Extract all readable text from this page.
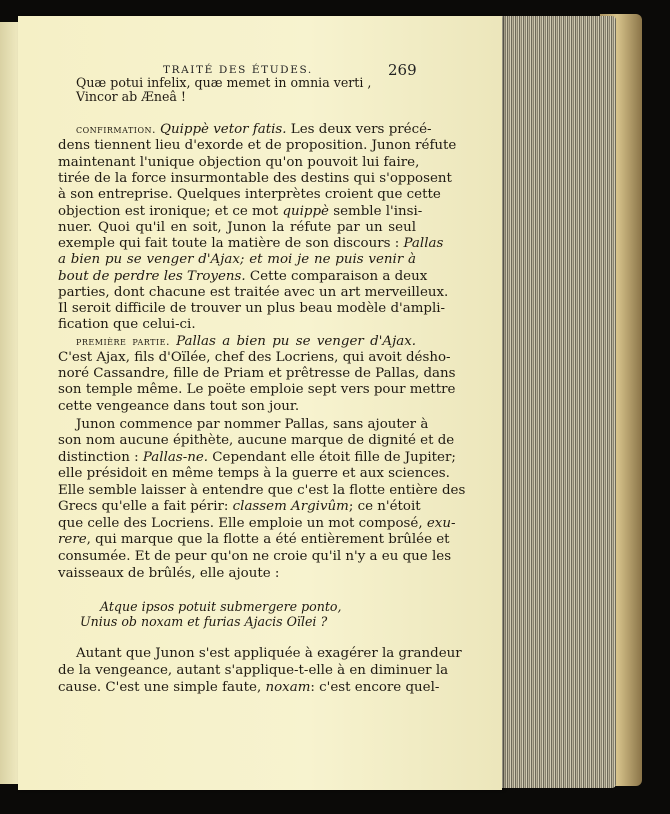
TRAITÉ DES ÉTUDES.	269
Quæ potui infelix, quæ memet in omnia verti ,
Vincor ab Æneâ !
confirmation. Quippè vetor fatis. Les deux vers précé-
dens tiennent lieu d'exorde et de proposition. Junon réfute
maintenant l'unique objection qu'on pouvoit lui faire,
tirée de la force insurmontable des destins qui s'opposent
à son entreprise. Quelques interprètes croient que cette
objection est ironique; et ce mot quippè semble l'insi-
nuer. Quoi qu'il en soit, Junon la réfute par un seul
exemple qui fait toute la matière de son discours : Pallas
a bien pu se venger d'Ajax; et moi je ne puis venir à
bout de perdre les Troyens. Cette comparaison a deux
parties, dont chacune est traitée avec un art merveilleux.
Il seroit difficile de trouver un plus beau modèle d'ampli-
fication que celui-ci.
première partie. Pallas a bien pu se venger d'Ajax.
C'est Ajax, fils d'Oïlée, chef des Locriens, qui avoit désho-
noré Cassandre, fille de Priam et prêtresse de Pallas, dans
son temple même. Le poëte emploie sept vers pour mettre
cette vengeance dans tout son jour.
Junon commence par nommer Pallas, sans ajouter à
son nom aucune épithète, aucune marque de dignité et de
distinction : Pallas-ne. Cependant elle étoit fille de Jupiter;
elle présidoit en même temps à la guerre et aux sciences.
Elle semble laisser à entendre que c'est la flotte entière des
Grecs qu'elle a fait périr: classem Argivûm; ce n'étoit
que celle des Locriens. Elle emploie un mot composé, exu-
rere, qui marque que la flotte a été entièrement brûlée et
consumée. Et de peur qu'on ne croie qu'il n'y a eu que les
vaisseaux de brûlés, elle ajoute :
Atque ipsos potuit submergere ponto,
Unius ob noxam et furias Ajacis Oïlei ?
Autant que Junon s'est appliquée à exagérer la grandeur
de la vengeance, autant s'applique-t-elle à en diminuer la
cause. C'est une simple faute, noxam: c'est encore quel-
